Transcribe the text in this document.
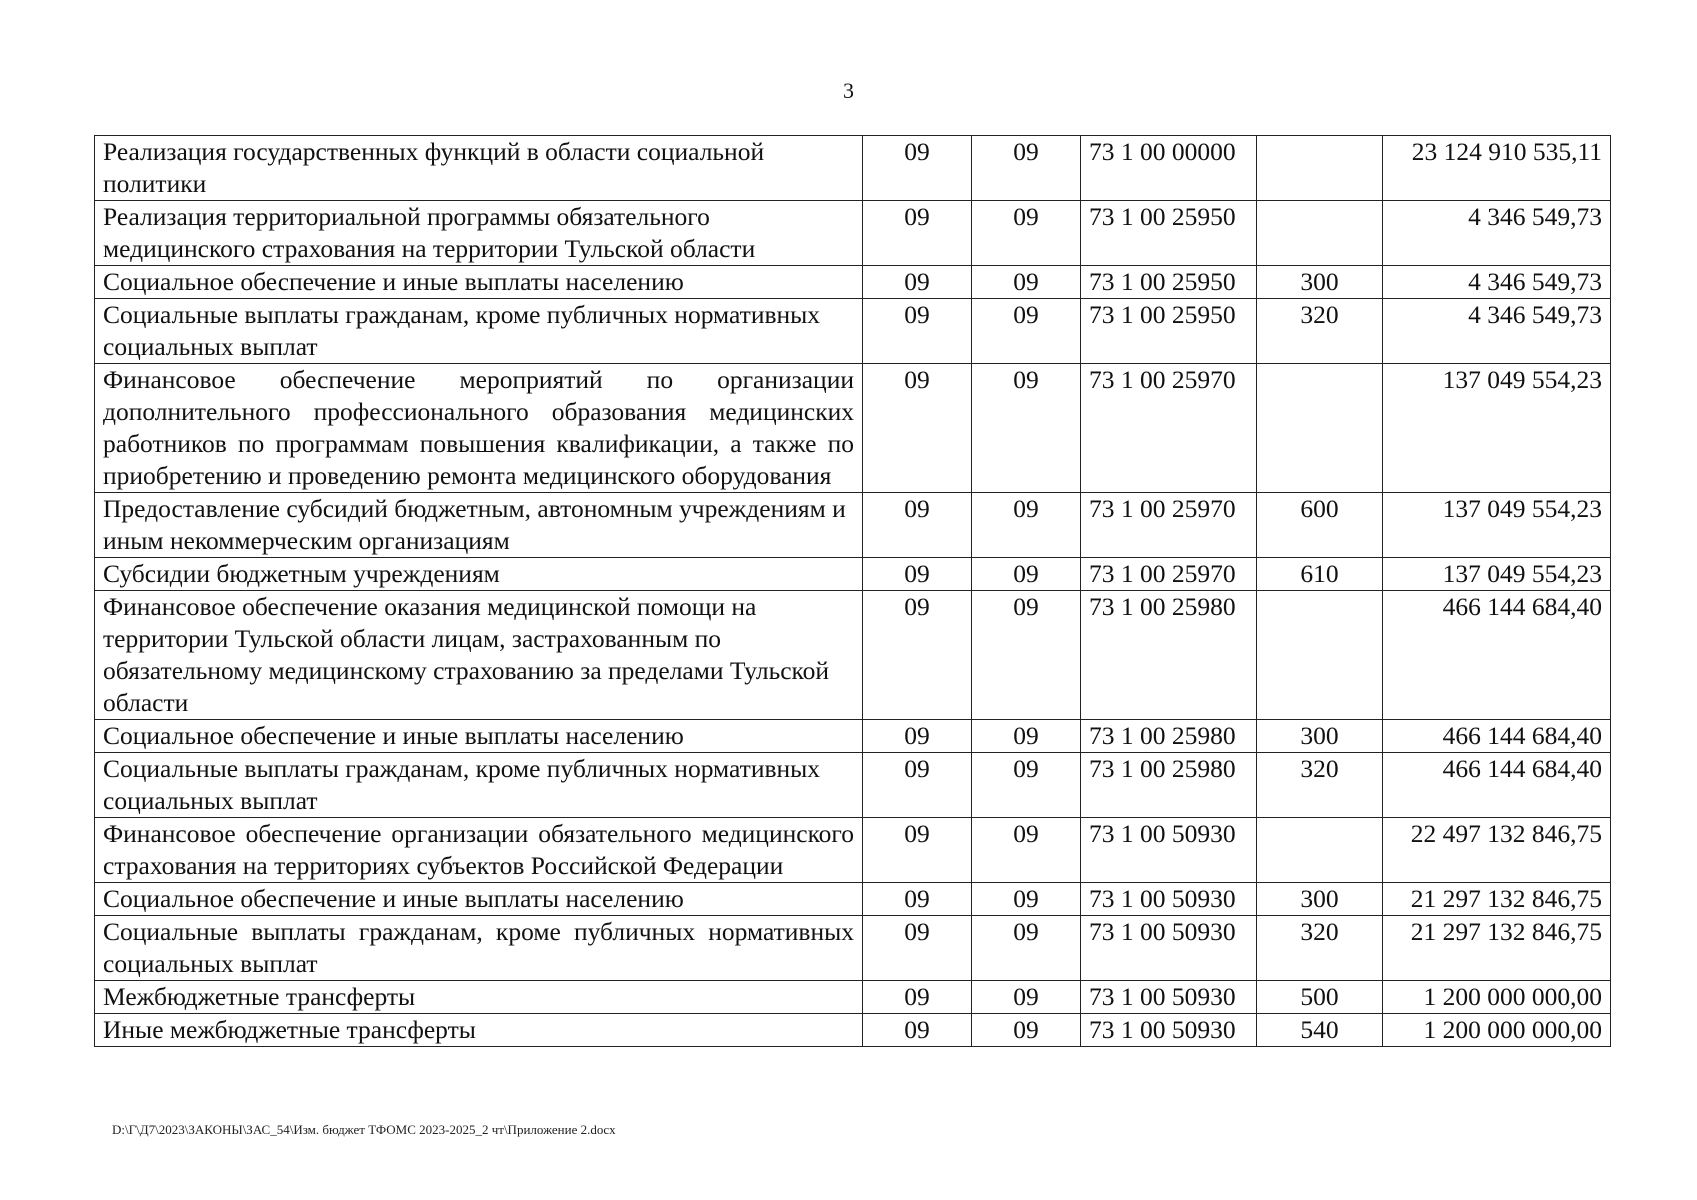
3
Реализация государственных функций в области социальной политики	09	09	73 1 00 00000		23 124 910 535,11
Реализация территориальной программы обязательного медицинского страхования на территории Тульской области	09	09	73 1 00 25950		4 346 549,73
Социальное обеспечение и иные выплаты населению	09	09	73 1 00 25950	300	4 346 549,73
Социальные выплаты гражданам, кроме публичных нормативных социальных выплат	09	09	73 1 00 25950	320	4 346 549,73
Финансовое обеспечение мероприятий по организации дополнительного профессионального образования медицинских работников по программам повышения квалификации, а также по приобретению и проведению ремонта медицинского оборудования	09	09	73 1 00 25970		137 049 554,23
Предоставление субсидий бюджетным, автономным учреждениям и иным некоммерческим организациям	09	09	73 1 00 25970	600	137 049 554,23
Субсидии бюджетным учреждениям	09	09	73 1 00 25970	610	137 049 554,23
Финансовое обеспечение оказания медицинской помощи на территории Тульской области лицам, застрахованным по обязательному медицинскому страхованию за пределами Тульской области	09	09	73 1 00 25980		466 144 684,40
Социальное обеспечение и иные выплаты населению	09	09	73 1 00 25980	300	466 144 684,40
Социальные выплаты гражданам, кроме публичных нормативных социальных выплат	09	09	73 1 00 25980	320	466 144 684,40
Финансовое обеспечение организации обязательного медицинского страхования на территориях субъектов Российской Федерации	09	09	73 1 00 50930		22 497 132 846,75
Социальное обеспечение и иные выплаты населению	09	09	73 1 00 50930	300	21 297 132 846,75
Социальные выплаты гражданам, кроме публичных нормативных социальных выплат	09	09	73 1 00 50930	320	21 297 132 846,75
Межбюджетные трансферты	09	09	73 1 00 50930	500	1 200 000 000,00
Иные межбюджетные трансферты	09	09	73 1 00 50930	540	1 200 000 000,00
D:\Г\Д7\2023\ЗАКОНЫ\ЗАС_54\Изм. бюджет ТФОМС 2023-2025_2 чт\Приложение 2.docx
